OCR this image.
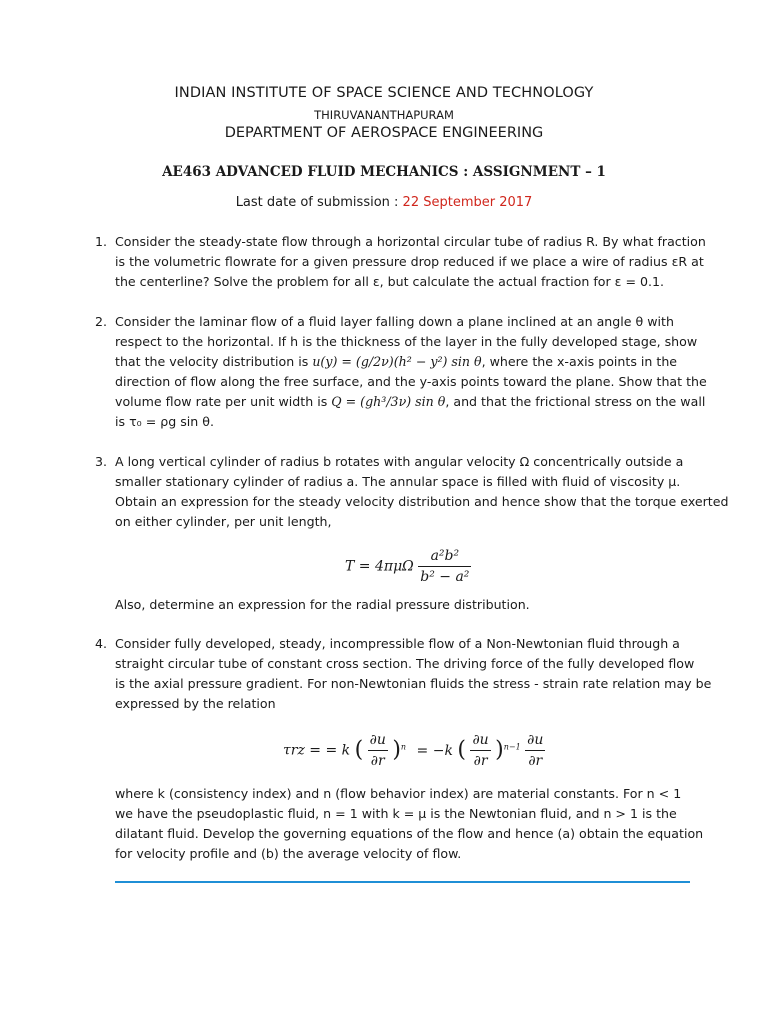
INDIAN INSTITUTE OF SPACE SCIENCE AND TECHNOLOGY
THIRUVANANTHAPURAM
DEPARTMENT OF AEROSPACE ENGINEERING
AE463 ADVANCED FLUID MECHANICS : ASSIGNMENT – 1
Last date of submission : 22 September 2017
1. Consider the steady-state flow through a horizontal circular tube of radius R. By what fraction
is the volumetric flowrate for a given pressure drop reduced if we place a wire of radius εR at
the centerline? Solve the problem for all ε, but calculate the actual fraction for ε = 0.1.
2. Consider the laminar flow of a fluid layer falling down a plane inclined at an angle θ with
respect to the horizontal. If h is the thickness of the layer in the fully developed stage, show
that the velocity distribution is u(y) = (g/2ν)(h² − y²) sin θ, where the x-axis points in the
direction of flow along the free surface, and the y-axis points toward the plane. Show that the
volume flow rate per unit width is Q = (gh³/3ν) sin θ, and that the frictional stress on the wall
is τ₀ = ρg sin θ.
3. A long vertical cylinder of radius b rotates with angular velocity Ω concentrically outside a
smaller stationary cylinder of radius a. The annular space is filled with fluid of viscosity μ.
Obtain an expression for the steady velocity distribution and hence show that the torque exerted
on either cylinder, per unit length,
$T = 4\pi\mu\Omega \frac{\text{a²b²}}{\text{b² − a²}}$
Also, determine an expression for the radial pressure distribution.
4. Consider fully developed, steady, incompressible flow of a Non-Newtonian fluid through a
straight circular tube of constant cross section. The driving force of the fully developed flow
is the axial pressure gradient. For non-Newtonian fluids the stress - strain rate relation may be
expressed by the relation
τrz = = k ( $\frac{\partial u}{\partial r} )^n = -k$ ( $\frac{\partial u}{\partial r} )^{n-1} \frac{\partial u}{\partial r}$
where k (consistency index) and n (flow behavior index) are material constants. For n < 1
we have the pseudoplastic fluid, n = 1 with k = μ is the Newtonian fluid, and n > 1 is the
dilatant fluid. Develop the governing equations of the flow and hence (a) obtain the equation
for velocity profile and (b) the average velocity of flow.
